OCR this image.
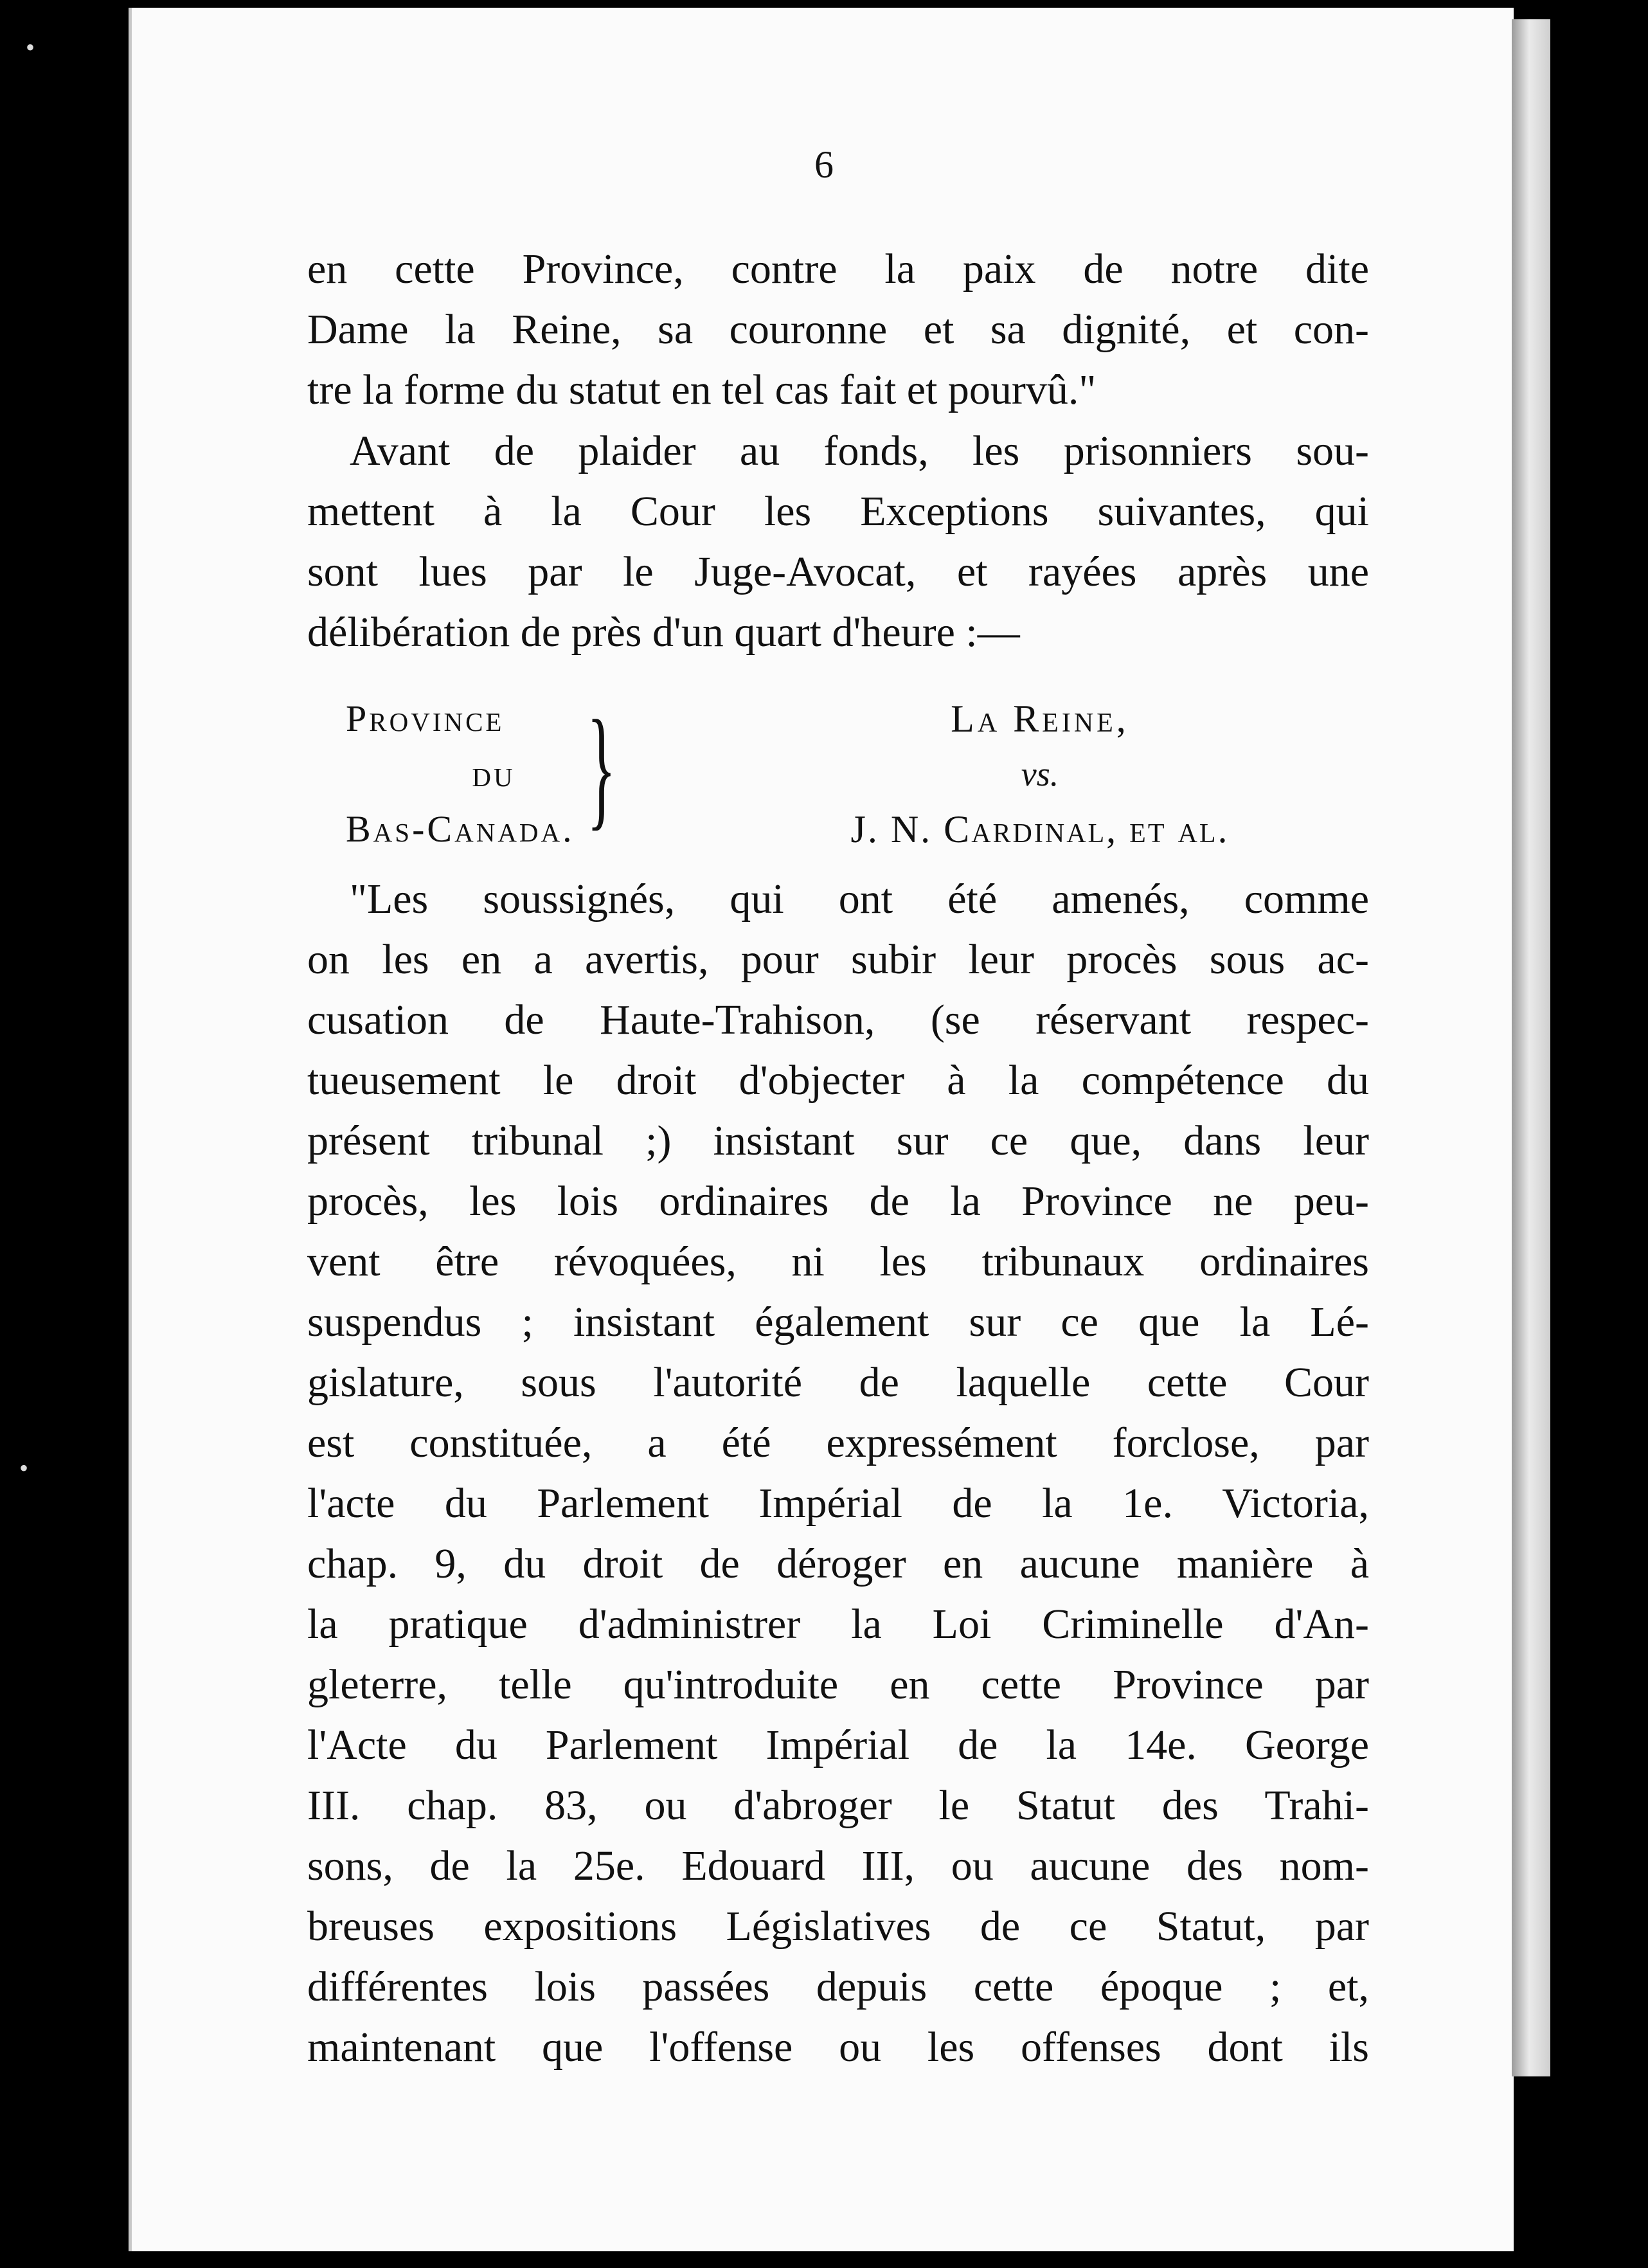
•
•
6
en cette Province, contre la paix de notre dite
Dame la Reine, sa couronne et sa dignité, et con-
tre la forme du statut en tel cas fait et pourvû."
Avant de plaider au fonds, les prisonniers sou-
mettent à la Cour les Exceptions suivantes, qui
sont lues par le Juge-Avocat, et rayées après une
délibération de près d'un quart d'heure :—
Province
du
Bas-Canada. }	La Reine,
vs.
J. N. Cardinal, et al.
"Les soussignés, qui ont été amenés, comme
on les en a avertis, pour subir leur procès sous ac-
cusation de Haute-Trahison, (se réservant respec-
tueusement le droit d'objecter à la compétence du
présent tribunal ;) insistant sur ce que, dans leur
procès, les lois ordinaires de la Province ne peu-
vent être révoquées, ni les tribunaux ordinaires
suspendus ; insistant également sur ce que la Lé-
gislature, sous l'autorité de laquelle cette Cour
est constituée, a été expressément forclose, par
l'acte du Parlement Impérial de la 1e. Victoria,
chap. 9, du droit de déroger en aucune manière à
la pratique d'administrer la Loi Criminelle d'An-
gleterre, telle qu'introduite en cette Province par
l'Acte du Parlement Impérial de la 14e. George
III. chap. 83, ou d'abroger le Statut des Trahi-
sons, de la 25e. Edouard III, ou aucune des nom-
breuses expositions Législatives de ce Statut, par
différentes lois passées depuis cette époque ; et,
maintenant que l'offense ou les offenses dont ils
